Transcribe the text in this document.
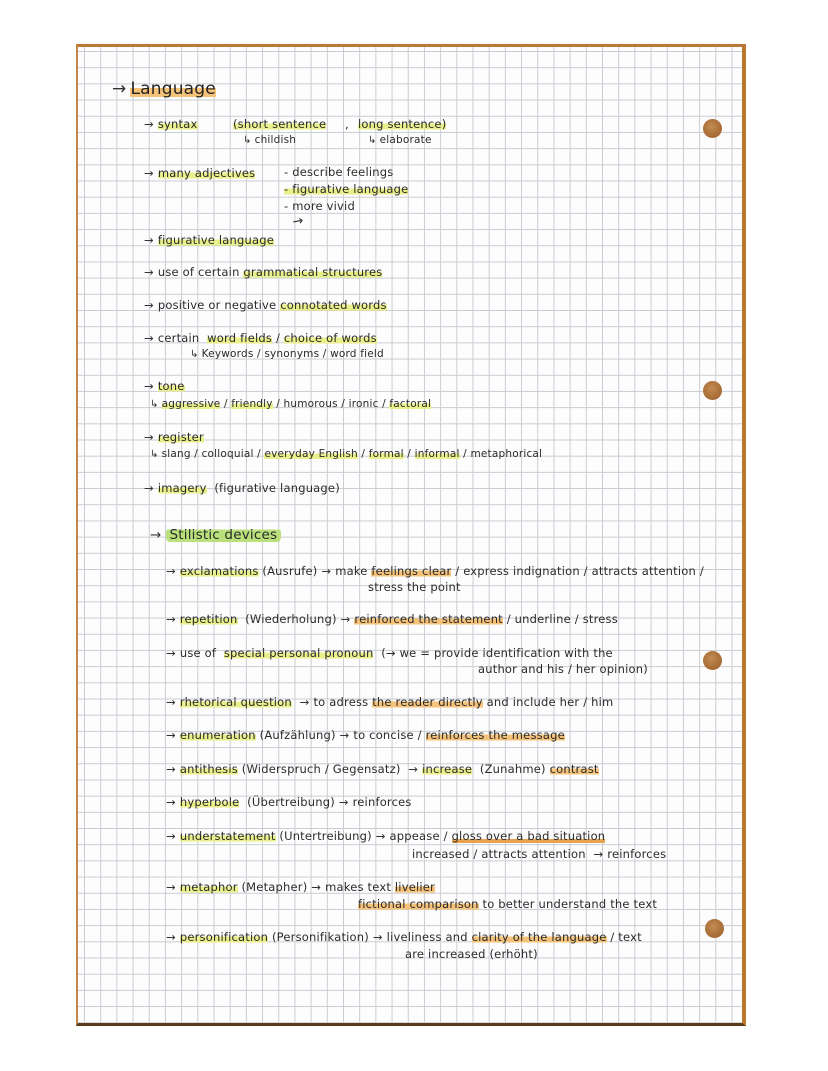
→ Language
→ syntax	(short sentence , long sentence)
↳ childish	↳ elaborate
→ many adjectives - describe feelings
- figurative language
- more vivid
↗
→ figurative language
→ use of certain grammatical structures
→ positive or negative connotated words
→ certain word fields / choice of words
↳ Keywords / synonyms / word field
→ tone
↳ aggressive / friendly / humorous / ironic / factoral
→ register
↳ slang / colloquial / everyday English / formal / informal / metaphorical
→ imagery (figurative language)
→ Stilistic devices
→ exclamations (Ausrufe) → make feelings clear / express indignation / attracts attention /
stress the point
→ repetition (Wiederholung) → reinforced the statement / underline / stress
→ use of special personal pronoun (→ we = provide identification with the
author and his / her opinion)
→ rhetorical question → to adress the reader directly and include her / him
→ enumeration (Aufzählung) → to concise / reinforces the message
→ antithesis (Widerspruch / Gegensatz) → increase (Zunahme) contrast
→ hyperbole (Übertreibung) → reinforces
→ understatement (Untertreibung) → appease / gloss over a bad situation
increased / attracts attention → reinforces
→ metaphor (Metapher) → makes text livelier
fictional comparison to better understand the text
→ personification (Personifikation) → liveliness and clarity of the language / text
are increased (erhöht)
